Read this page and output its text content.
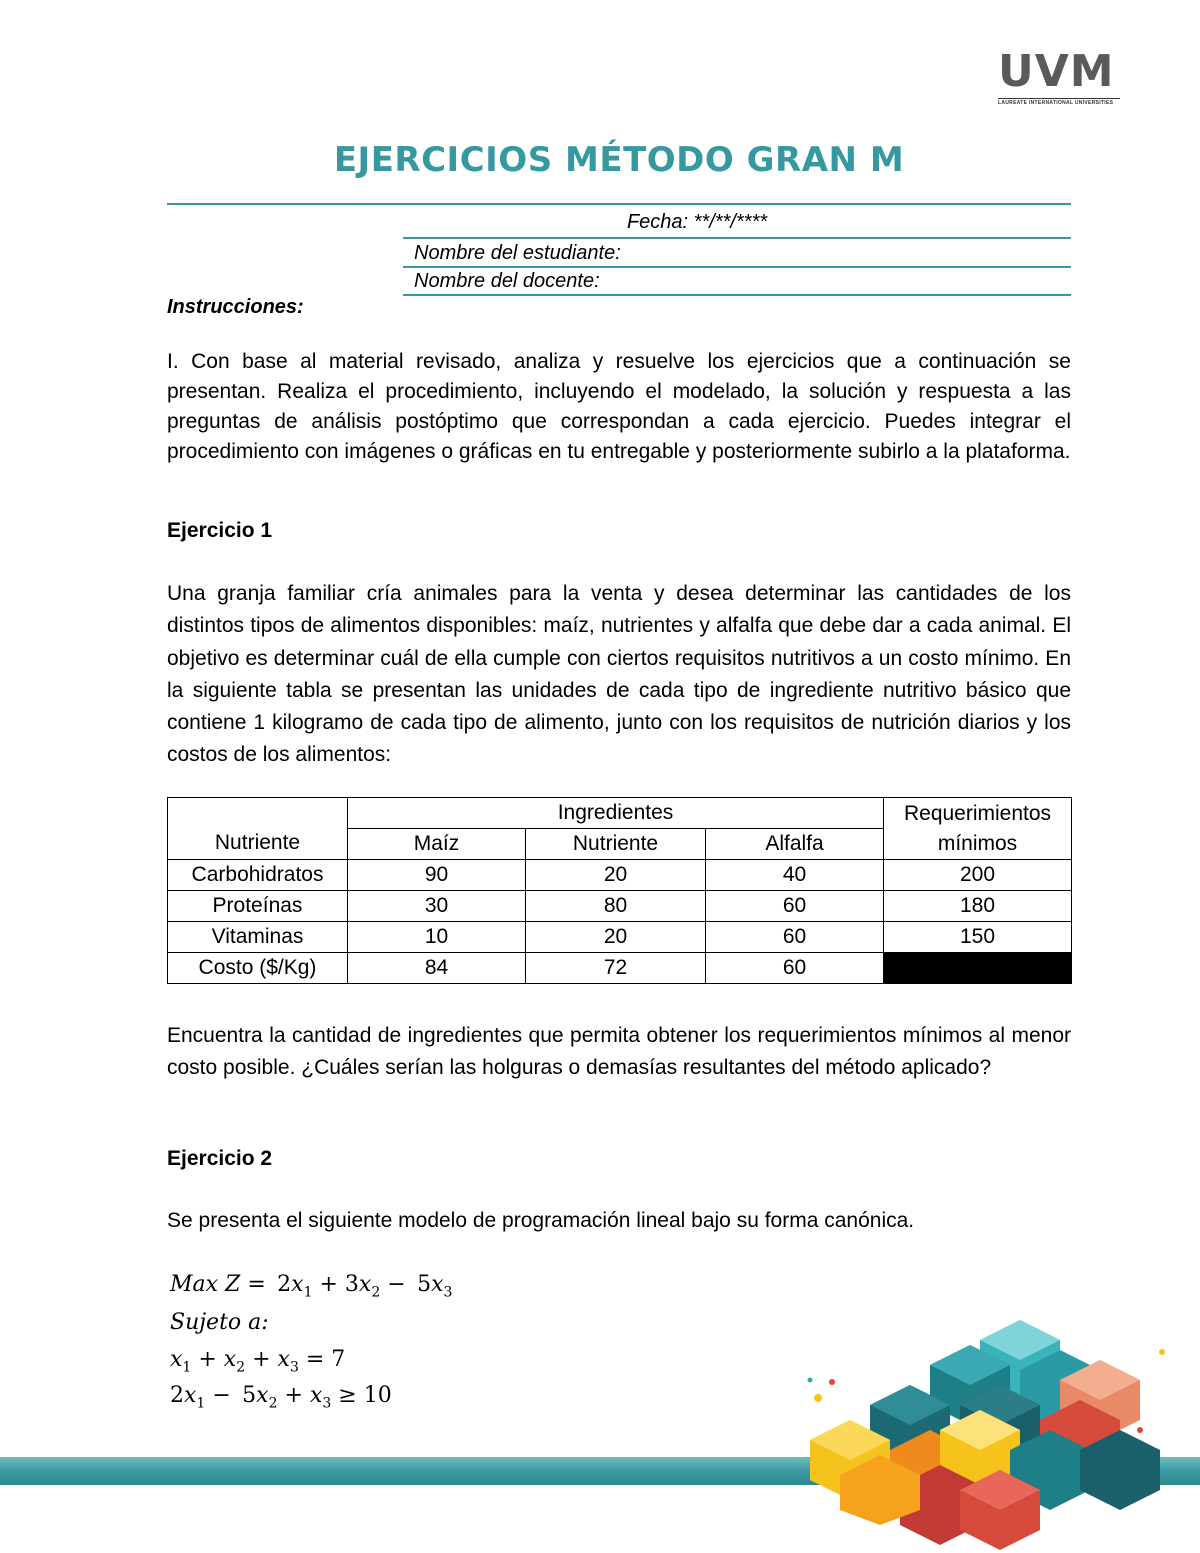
UVM
LAUREATE INTERNATIONAL UNIVERSITIES
EJERCICIOS MÉTODO GRAN M
Fecha: **/**/****
Nombre del estudiante:
Nombre del docente:
Instrucciones:
I. Con base al material revisado, analiza y resuelve los ejercicios que a continuación se presentan. Realiza el procedimiento, incluyendo el modelado, la solución y respuesta a las preguntas de análisis postóptimo que correspondan a cada ejercicio. Puedes integrar el procedimiento con imágenes o gráficas en tu entregable y posteriormente subirlo a la plataforma.
Ejercicio 1
Una granja familiar cría animales para la venta y desea determinar las cantidades de los distintos tipos de alimentos disponibles: maíz, nutrientes y alfalfa que debe dar a cada animal. El objetivo es determinar cuál de ella cumple con ciertos requisitos nutritivos a un costo mínimo. En la siguiente tabla se presentan las unidades de cada tipo de ingrediente nutritivo básico que contiene 1 kilogramo de cada tipo de alimento, junto con los requisitos de nutrición diarios y los costos de los alimentos:
Nutriente	Ingredientes			Requerimientos
mínimos

	Maíz	Nutriente	Alfalfa	
Carbohidratos	90	20	40	200
Proteínas	30	80	60	180
Vitaminas	10	20	60	150
Costo ($/Kg)	84	72	60	
Encuentra la cantidad de ingredientes que permita obtener los requerimientos mínimos al menor costo posible. ¿Cuáles serían las holguras o demasías resultantes del método aplicado?
Ejercicio 2
Se presenta el siguiente modelo de programación lineal bajo su forma canónica.
Max $Z = 2x_1 + 3x_2 - 5x_3$
Sujeto a:
$x_1 + x_2 + x_3 = 7$
$2x_1 - 5x_2 + x_3 \ge 10$
